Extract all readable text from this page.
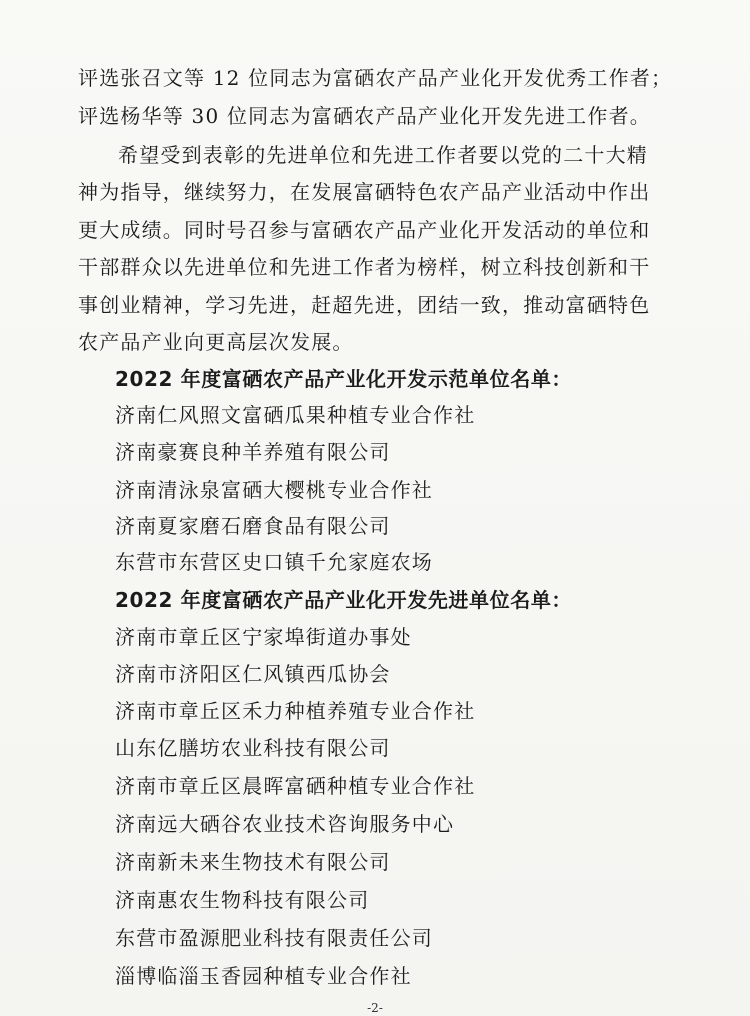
评选张召文等 12 位同志为富硒农产品产业化开发优秀工作者；
评选杨华等 30 位同志为富硒农产品产业化开发先进工作者。
希望受到表彰的先进单位和先进工作者要以党的二十大精
神为指导，继续努力，在发展富硒特色农产品产业活动中作出
更大成绩。同时号召参与富硒农产品产业化开发活动的单位和
干部群众以先进单位和先进工作者为榜样，树立科技创新和干
事创业精神，学习先进，赶超先进，团结一致，推动富硒特色
农产品产业向更高层次发展。
2022 年度富硒农产品产业化开发示范单位名单：
济南仁风照文富硒瓜果种植专业合作社
济南豪赛良种羊养殖有限公司
济南清泳泉富硒大樱桃专业合作社
济南夏家磨石磨食品有限公司
东营市东营区史口镇千允家庭农场
2022 年度富硒农产品产业化开发先进单位名单：
济南市章丘区宁家埠街道办事处
济南市济阳区仁风镇西瓜协会
济南市章丘区禾力种植养殖专业合作社
山东亿膳坊农业科技有限公司
济南市章丘区晨晖富硒种植专业合作社
济南远大硒谷农业技术咨询服务中心
济南新未来生物技术有限公司
济南惠农生物科技有限公司
东营市盈源肥业科技有限责任公司
淄博临淄玉香园种植专业合作社
-2-
